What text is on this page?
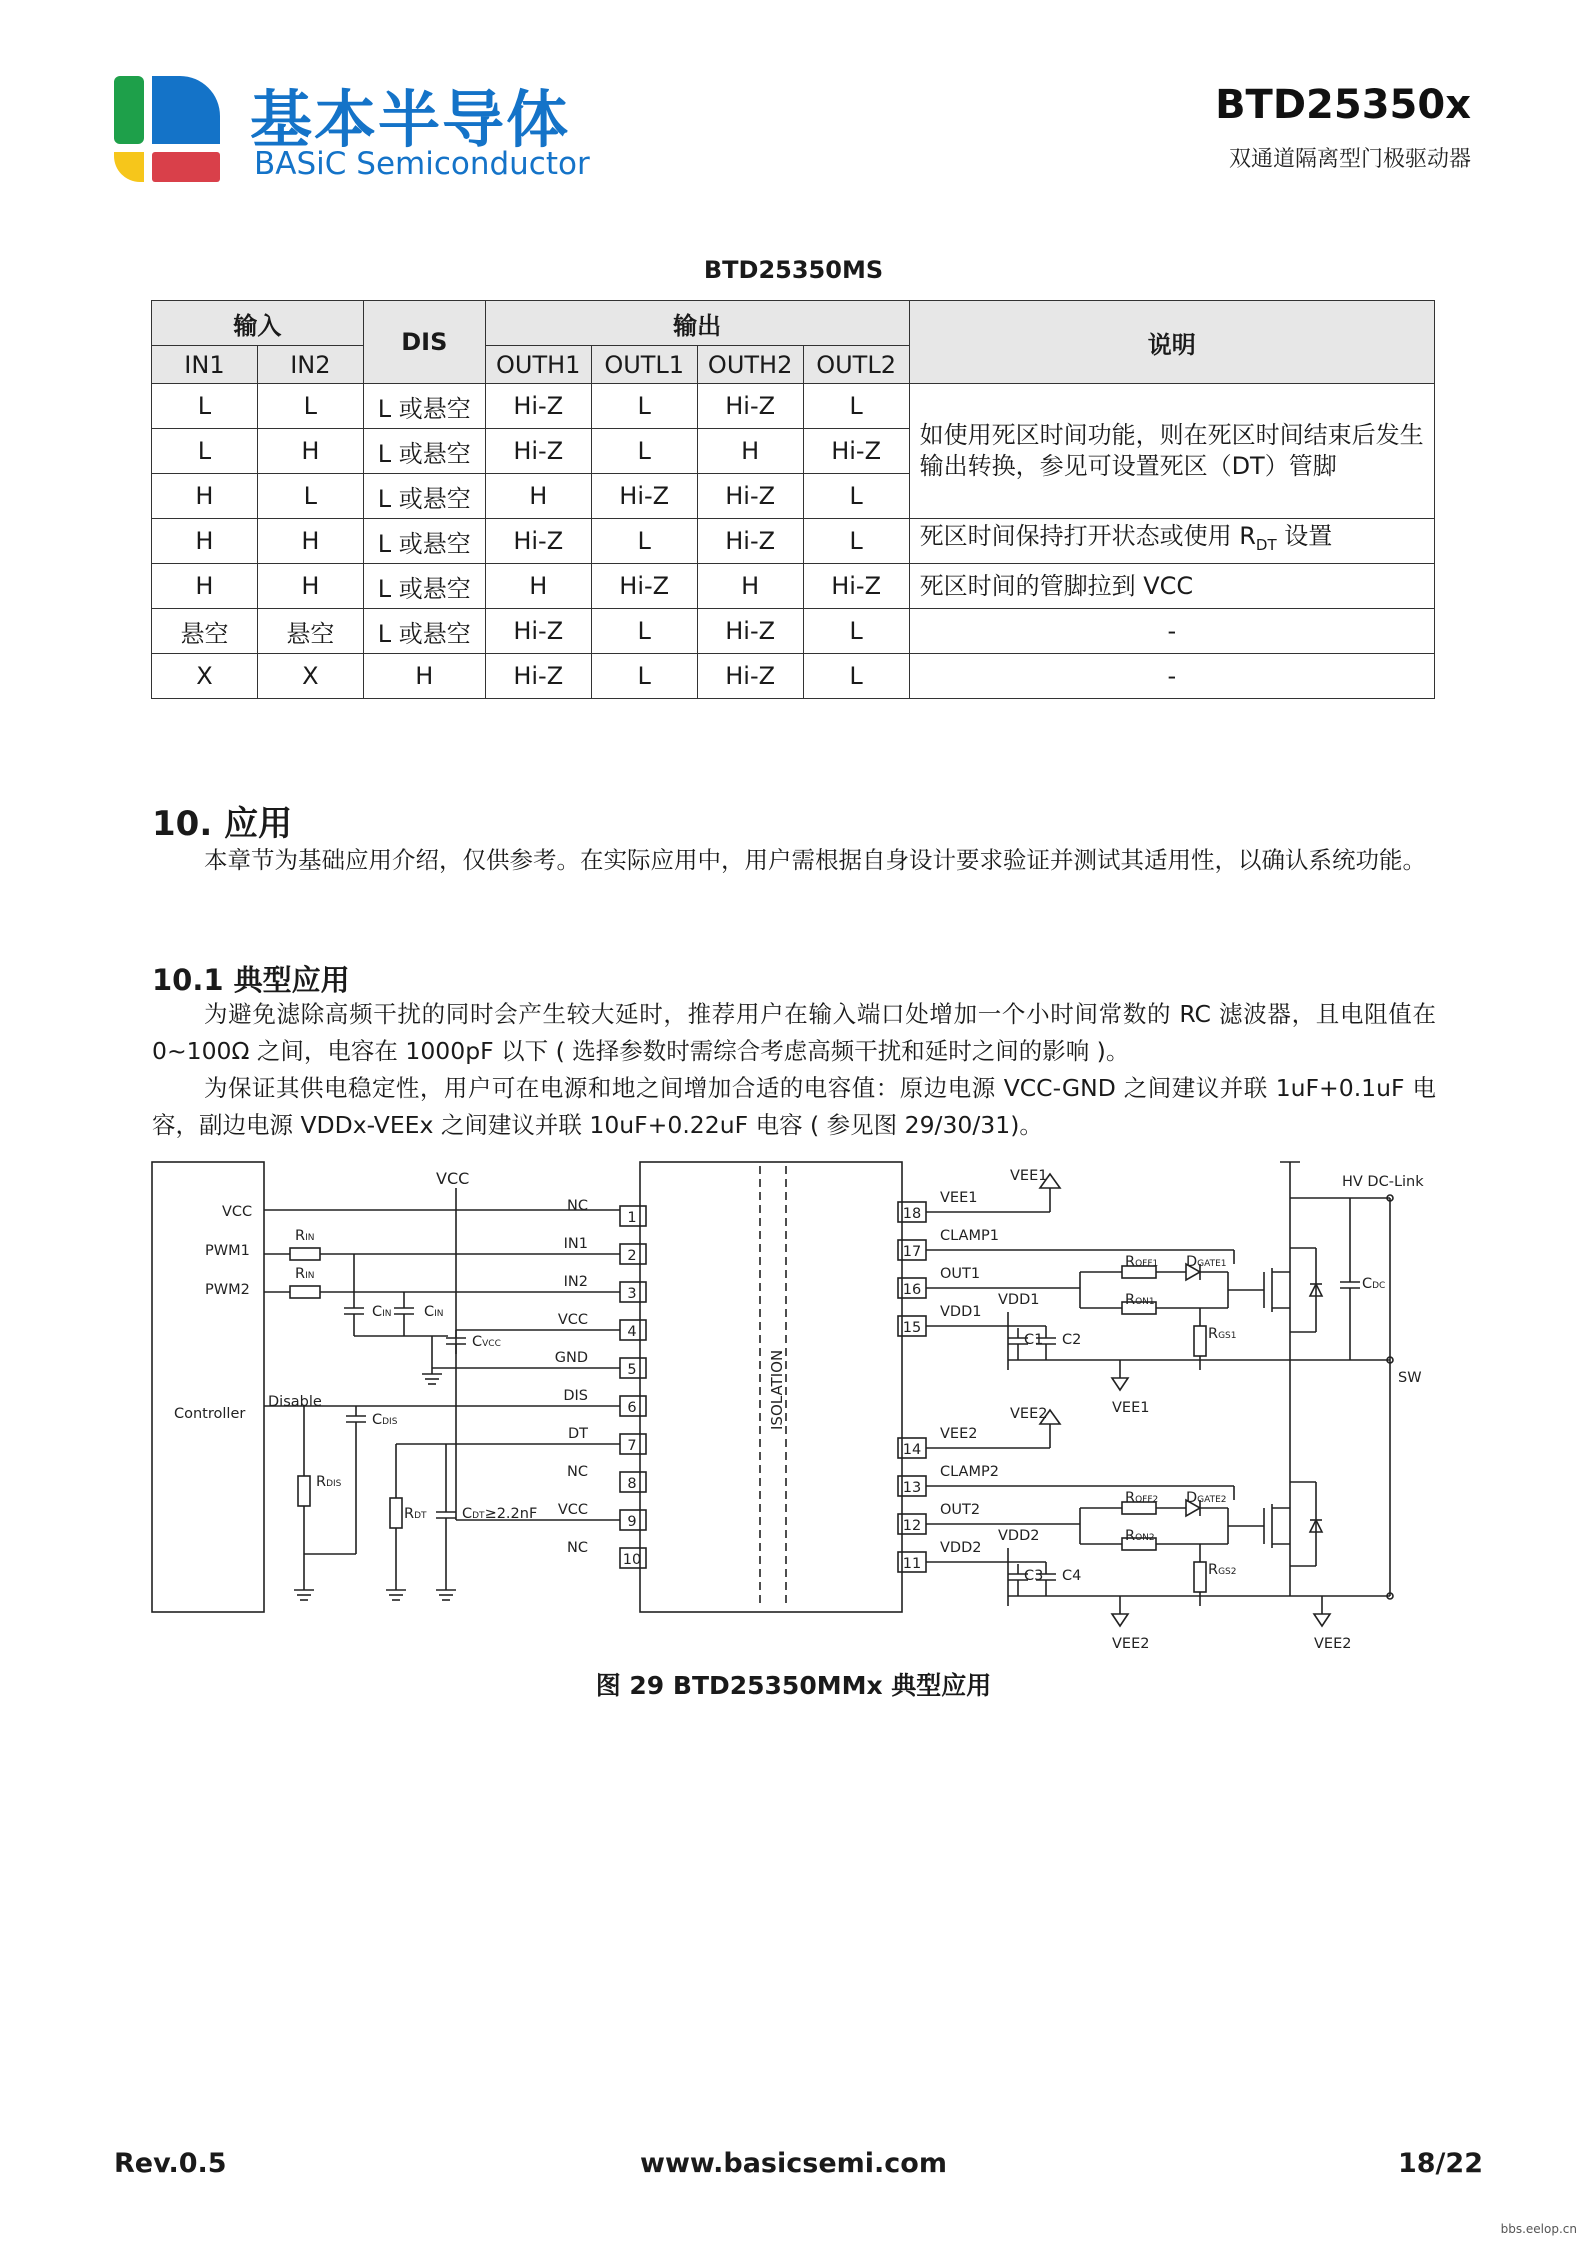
基本半导体
BASiC Semiconductor
BTD25350x
双通道隔离型门极驱动器
BTD25350MS
输入		DIS	输出				说明
IN1	IN2		OUTH1	OUTL1	OUTH2	OUTL2	
L	L	L 或悬空	Hi-Z	L	Hi-Z	L	如使用死区时间功能，则在死区时间结束后发生输出转换，参见可设置死区（DT）管脚
L	H	L 或悬空	Hi-Z	L	H	Hi-Z	
H	L	L 或悬空	H	Hi-Z	Hi-Z	L	
H	H	L 或悬空	Hi-Z	L	Hi-Z	L	死区时间保持打开状态或使用 $R_{DT}$ 设置
H	H	L 或悬空	H	Hi-Z	H	Hi-Z	死区时间的管脚拉到 VCC
悬空	悬空	L 或悬空	Hi-Z	L	Hi-Z	L	-
X	X	H	Hi-Z	L	Hi-Z	L	-
10. 应用

本章节为基础应用介绍，仅供参考。在实际应用中，用户需根据自身设计要求验证并测试其适用性，以确认系统功能。

10.1 典型应用

为避免滤除高频干扰的同时会产生较大延时，推荐用户在输入端口处增加一个小时间常数的 RC 滤波器，且电阻值在 0~100Ω 之间，电容在 1000pF 以下 ( 选择参数时需综合考虑高频干扰和延时之间的影响 )。

为保证其供电稳定性，用户可在电源和地之间增加合适的电容值：原边电源 VCC-GND 之间建议并联 1uF+0.1uF 电容，副边电源 VDDx-VEEx 之间建议并联 10uF+0.22uF 电容 ( 参见图 29/30/31)。

Controller
VCC
PWM1
PWM2
Disable
VCC
NC
IN1
IN2
VCC
GND
DIS
DT
NC
VCC
NC
1
2
3
4
5
6
7
8
9
10
18
17
16
15
14
13
12
11
VEE1
CLAMP1
OUT1
VDD1
VEE2
CLAMP2
OUT2
VDD2
ISOLATION
RIN
RIN
CIN CIN
CVCC
CDIS
RDIS
RDT CDT≥2.2nF
ROFF1
RON1
DGATE1
RGS1
ROFF2
RON2
DGATE2
RGS2
C1 C2
C3 C4
CDC
VEE1
VDD1
VEE1
VEE2
VDD2
VEE2	VEE2
HV DC-Link
SW
图 29 BTD25350MMx 典型应用
Rev.0.5	www.basicsemi.com	18/22
bbs.eelop.cn
